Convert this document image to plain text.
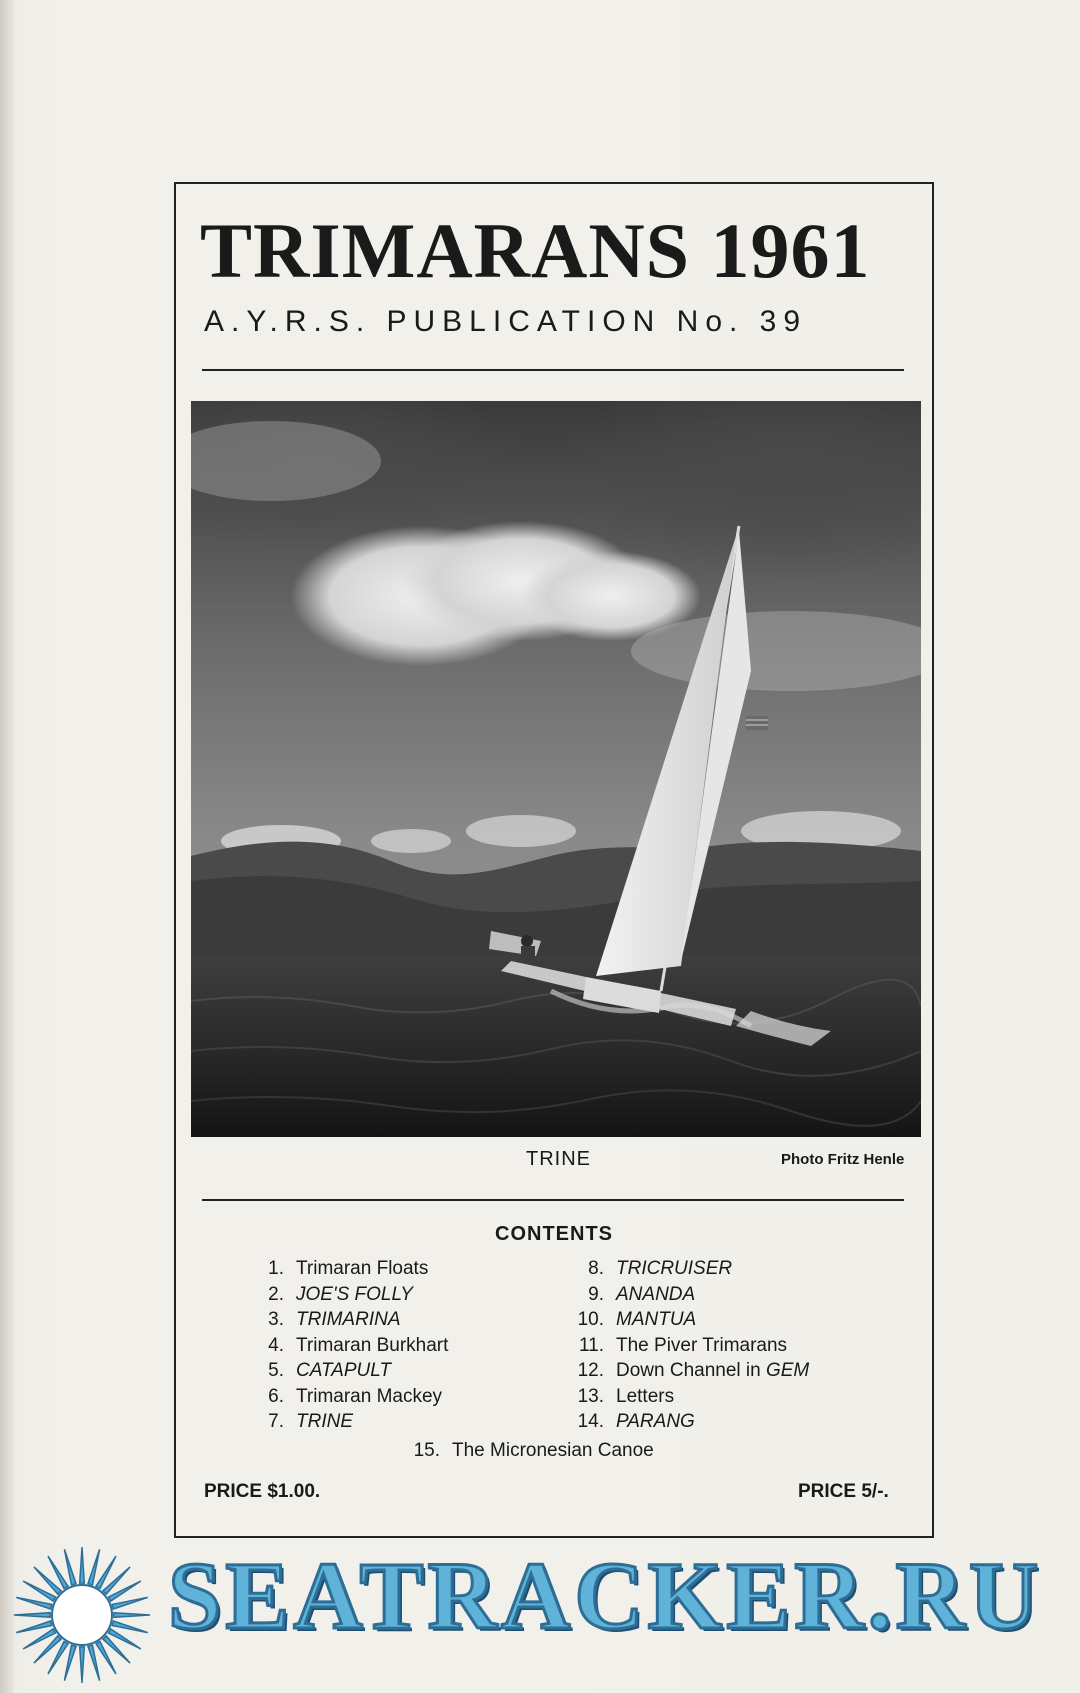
TRIMARANS 1961
A.Y.R.S. PUBLICATION No. 39
TRINE	Photo Fritz Henle
CONTENTS
1. Trimaran Floats
2. JOE'S FOLLY
3. TRIMARINA
4. Trimaran Burkhart
5. CATAPULT
6. Trimaran Mackey
7. TRINE
8. TRICRUISER
9. ANANDA
10. MANTUA
11. The Piver Trimarans
12. Down Channel in GEM
13. Letters
14. PARANG
15. The Micronesian Canoe
PRICE $1.00.	PRICE 5/-.
SEATRACKER.RU
